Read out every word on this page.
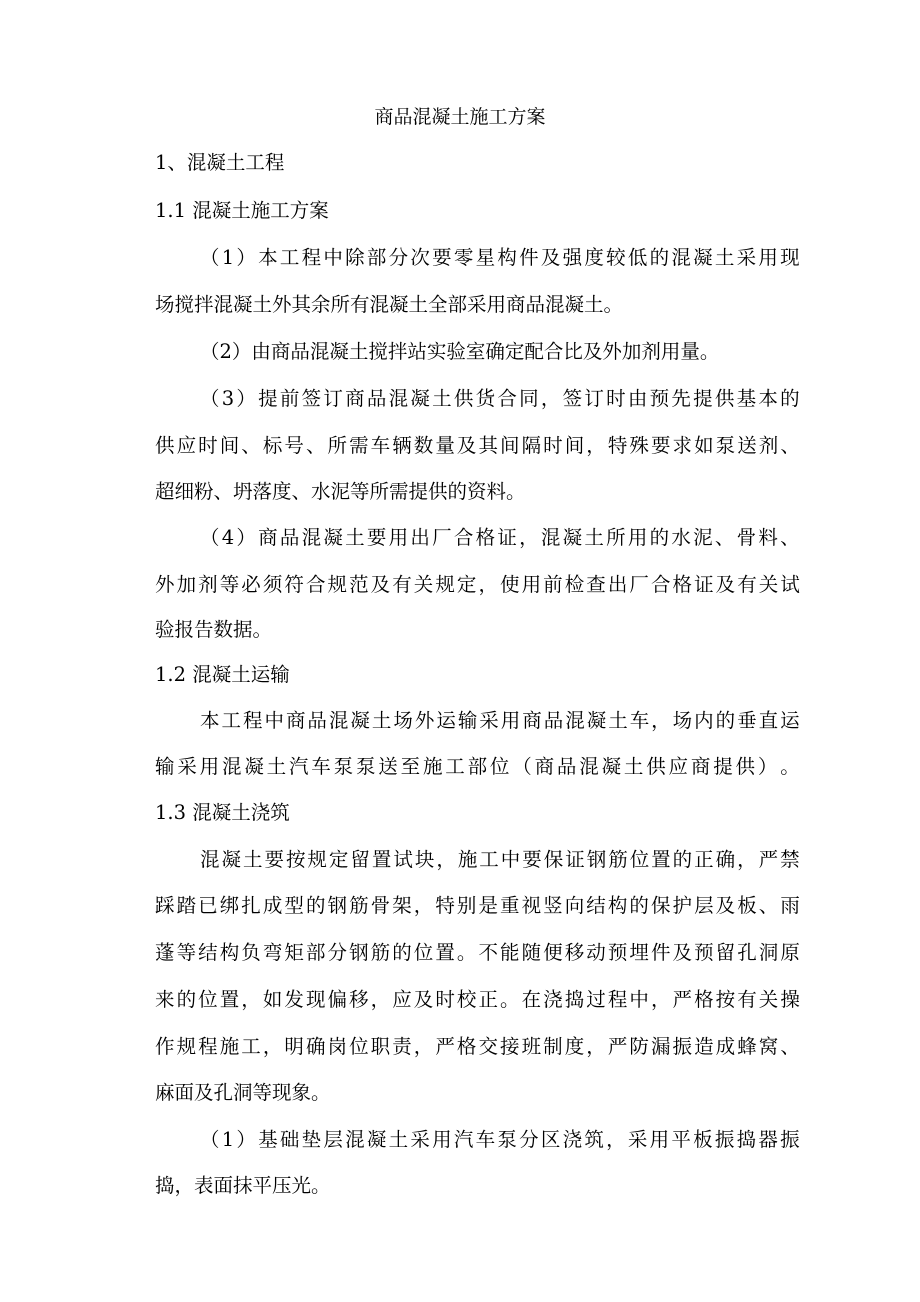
商品混凝土施工方案
1、混凝土工程
1.1 混凝土施工方案
（ 1 ） 本 工 程 中 除 部 分 次 要 零 星 构 件 及 强 度 较 低 的 混 凝 土 采 用 现
场搅拌混凝土外其余所有混凝土全部采用商品混凝土。
（2）由商品混凝土搅拌站实验室确定配合比及外加剂用量。
（ 3 ） 提 前 签 订 商 品 混 凝 土 供 货 合 同 ， 签 订 时 由 预 先 提 供 基 本 的
供 应 时 间 、 标 号 、 所 需 车 辆 数 量 及 其 间 隔 时 间 ， 特 殊 要 求 如 泵 送 剂 、
超细粉、坍落度、水泥等所需提供的资料。
（ 4 ） 商 品 混 凝 土 要 用 出 厂 合 格 证 ， 混 凝 土 所 用 的 水 泥 、 骨 料 、
外 加 剂 等 必 须 符 合 规 范 及 有 关 规 定 ， 使 用 前 检 查 出 厂 合 格 证 及 有 关 试
验报告数据。
1.2 混凝土运输
本 工 程 中 商 品 混 凝 土 场 外 运 输 采 用 商 品 混 凝 土 车 ， 场 内 的 垂 直 运
输 采 用 混 凝 土 汽 车 泵 泵 送 至 施 工 部 位 （ 商 品 混 凝 土 供 应 商 提 供 ） 。
1.3 混凝土浇筑
混 凝 土 要 按 规 定 留 置 试 块 ， 施 工 中 要 保 证 钢 筋 位 置 的 正 确 ， 严 禁
踩 踏 已 绑 扎 成 型 的 钢 筋 骨 架 ， 特 别 是 重 视 竖 向 结 构 的 保 护 层 及 板 、 雨
蓬 等 结 构 负 弯 矩 部 分 钢 筋 的 位 置 。 不 能 随 便 移 动 预 埋 件 及 预 留 孔 洞 原
来 的 位 置 ， 如 发 现 偏 移 ， 应 及 时 校 正 。 在 浇 捣 过 程 中 ， 严 格 按 有 关 操
作 规 程 施 工 ， 明 确 岗 位 职 责 ， 严 格 交 接 班 制 度 ， 严 防 漏 振 造 成 蜂 窝 、
麻面及孔洞等现象。
（ 1 ） 基 础 垫 层 混 凝 土 采 用 汽 车 泵 分 区 浇 筑 ， 采 用 平 板 振 捣 器 振
捣，表面抹平压光。
